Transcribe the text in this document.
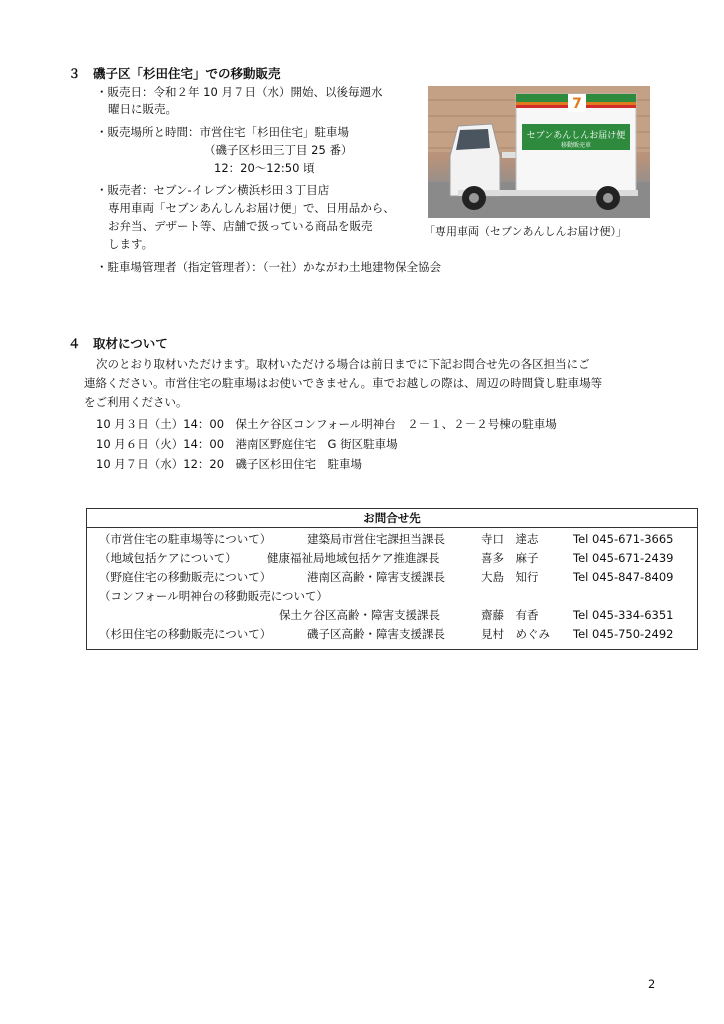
３　磯子区「杉田住宅」での移動販売
・販売日：令和２年 10 月７日（水）開始、以後毎週水
曜日に販売。
・販売場所と時間：市営住宅「杉田住宅」駐車場
（磯子区杉田三丁目 25 番）
12：20～12:50 頃
・販売者：セブン‐イレブン横浜杉田３丁目店
専用車両「セブンあんしんお届け便」で、日用品から、
お弁当、デザート等、店舗で扱っている商品を販売
します。
・駐車場管理者（指定管理者）：（一社）かながわ土地建物保全協会
セブンあんしんお届け便
移動販売車
7
「専用車両（セブンあんしんお届け便）」
４　取材について
次のとおり取材いただけます。取材いただける場合は前日までに下記お問合せ先の各区担当にご
連絡ください。市営住宅の駐車場はお使いできません。車でお越しの際は、周辺の時間貸し駐車場等
をご利用ください。
10 月３日（土）14：00　保土ケ谷区コンフォール明神台　２－１、２－２号棟の駐車場
10 月６日（火）14：00　港南区野庭住宅　G 街区駐車場
10 月７日（水）12：20　磯子区杉田住宅　駐車場
お問合せ先
（市営住宅の駐車場等について）	建築局市営住宅課担当課長	寺口　達志	Tel 045-671-3665
（地域包括ケアについて）	健康福祉局地域包括ケア推進課長	喜多　麻子	Tel 045-671-2439
（野庭住宅の移動販売について）	港南区高齢・障害支援課長	大島　知行	Tel 045-847-8409
（コンフォール明神台の移動販売について）
保土ケ谷区高齢・障害支援課長	齋藤　有香	Tel 045-334-6351
（杉田住宅の移動販売について）	磯子区高齢・障害支援課長	見村　めぐみ Tel 045-750-2492
2
